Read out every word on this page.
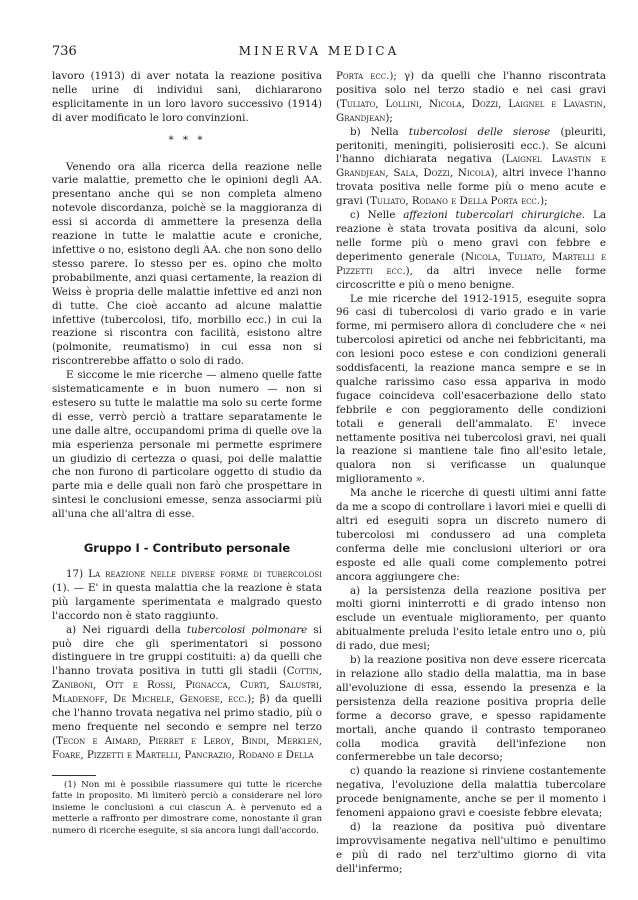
736	MINERVA MEDICA

lavoro (1913) di aver notata la reazione positiva nelle urine di individui sani, dichiararono esplicitamente in un loro lavoro successivo (1914) di aver modificato le loro convinzioni.

* * *

Venendo ora alla ricerca della reazione nelle varie malattie, premetto che le opinioni degli AA. presentano anche qui se non completa almeno notevole discordanza, poichè se la maggioranza di essi si accorda di ammettere la presenza della reazione in tutte le malattie acute e croniche, infettive o no, esistono degli AA. che non sono dello stesso parere. Io stesso per es. opino che molto probabilmente, anzi quasi certamente, la reazion di Weiss è propria delle malattie infettive ed anzi non di tutte. Che cioè accanto ad alcune malattie infettive (tubercolosi, tifo, morbillo ecc.) in cui la reazione si riscontra con facilità, esistono altre (polmonite, reumatismo) in cui essa non si riscontrerebbe affatto o solo di rado.

E siccome le mie ricerche — almeno quelle fatte sistematicamente e in buon numero — non si estesero su tutte le malattie ma solo su certe forme di esse, verrò perciò a trattare separatamente le une dalle altre, occupandomi prima di quelle ove la mia esperienza personale mi permette esprimere un giudizio di certezza o quasi, poi delle malattie che non furono di particolare oggetto di studio da parte mia e delle quali non farò che prospettare in sintesi le conclusioni emesse, senza associarmi più all'una che all'altra di esse.

Gruppo I - Contributo personale

17) La reazione nelle diverse forme di tubercolosi (1). — E' in questa malattia che la reazione è stata più largamente sperimentata e malgrado questo l'accordo non è stato raggiunto.

a) Nei riguardi della tubercolosi polmonare si può dire che gli sperimentatori si possono distinguere in tre gruppi costituiti: a) da quelli che l'hanno trovata positiva in tutti gli stadii (Cottin, Zaniboni, Ott e Rossi, Pignacca, Curti, Salustri, Mladenoff, De Michele, Genoese, ecc.); β) da quelli che l'hanno trovata negativa nel primo stadio, più o meno frequente nel secondo e sempre nel terzo (Tecon e Aimard, Pierret e Leroy, Bindi, Merklen, Foare, Pizzetti e Martelli, Pancrazio, Rodano e Della

(1) Non mi è possibile riassumere qui tutte le ricerche fatte in proposito. Mi limiterò perciò a considerare nel loro insieme le conclusioni a cui ciascun A. è pervenuto ed a metterle a raffronto per dimostrare come, nonostante il gran numero di ricerche eseguite, si sia ancora lungi dall'accordo.

Porta ecc.); γ) da quelli che l'hanno riscontrata positiva solo nel terzo stadio e nei casi gravi (Tuliato, Lollini, Nicola, Dozzi, Laignel e Lavastin, Grandjean);

b) Nella tubercolosi delle sierose (pleuriti, peritoniti, meningiti, polisierositi ecc.). Se alcuni l'hanno dichiarata negativa (Laignel Lavastin e Grandjean, Sala, Dozzi, Nicola), altri invece l'hanno trovata positiva nelle forme più o meno acute e gravi (Tuliato, Rodano e Della Porta ecc.);

c) Nelle affezioni tubercolari chirurgiche. La reazione è stata trovata positiva da alcuni, solo nelle forme più o meno gravi con febbre e deperimento generale (Nicola, Tuliato, Martelli e Pizzetti ecc.), da altri invece nelle forme circoscritte e più o meno benigne.

Le mie ricerche del 1912-1915, eseguite sopra 96 casi di tubercolosi di vario grado e in varie forme, mi permisero allora di concludere che « nei tubercolosi apiretici od anche nei febbricitanti, ma con lesioni poco estese e con condizioni generali soddisfacenti, la reazione manca sempre e se in qualche rarissimo caso essa appariva in modo fugace coincideva coll'esacerbazione dello stato febbrile e con peggioramento delle condizioni totali e generali dell'ammalato. E' invece nettamente positiva nei tubercolosi gravi, nei quali la reazione si mantiene tale fino all'esito letale, qualora non si verificasse un qualunque miglioramento ».

Ma anche le ricerche di questi ultimi anni fatte da me a scopo di controllare i lavori miei e quelli di altri ed eseguiti sopra un discreto numero di tubercolosi mi condussero ad una completa conferma delle mie conclusioni ulteriori or ora esposte ed alle quali come complemento potrei ancora aggiungere che:

a) la persistenza della reazione positiva per molti giorni ininterrotti e di grado intenso non esclude un eventuale miglioramento, per quanto abitualmente preluda l'esito letale entro uno o, più di rado, due mesi;

b) la reazione positiva non deve essere ricercata in relazione allo stadio della malattia, ma in base all'evoluzione di essa, essendo la presenza e la persistenza della reazione positiva propria delle forme a decorso grave, e spesso rapidamente mortali, anche quando il contrasto temporaneo colla modica gravità dell'infezione non confermerebbe un tale decorso;

c) quando la reazione si rinviene costantemente negativa, l'evoluzione della malattia tubercolare procede benignamente, anche se per il momento i fenomeni appaiono gravi e coesiste febbre elevata;

d) la reazione da positiva può diventare improvvisamente negativa nell'ultimo e penultimo e più di rado nel terz'ultimo giorno di vita dell'infermo;
